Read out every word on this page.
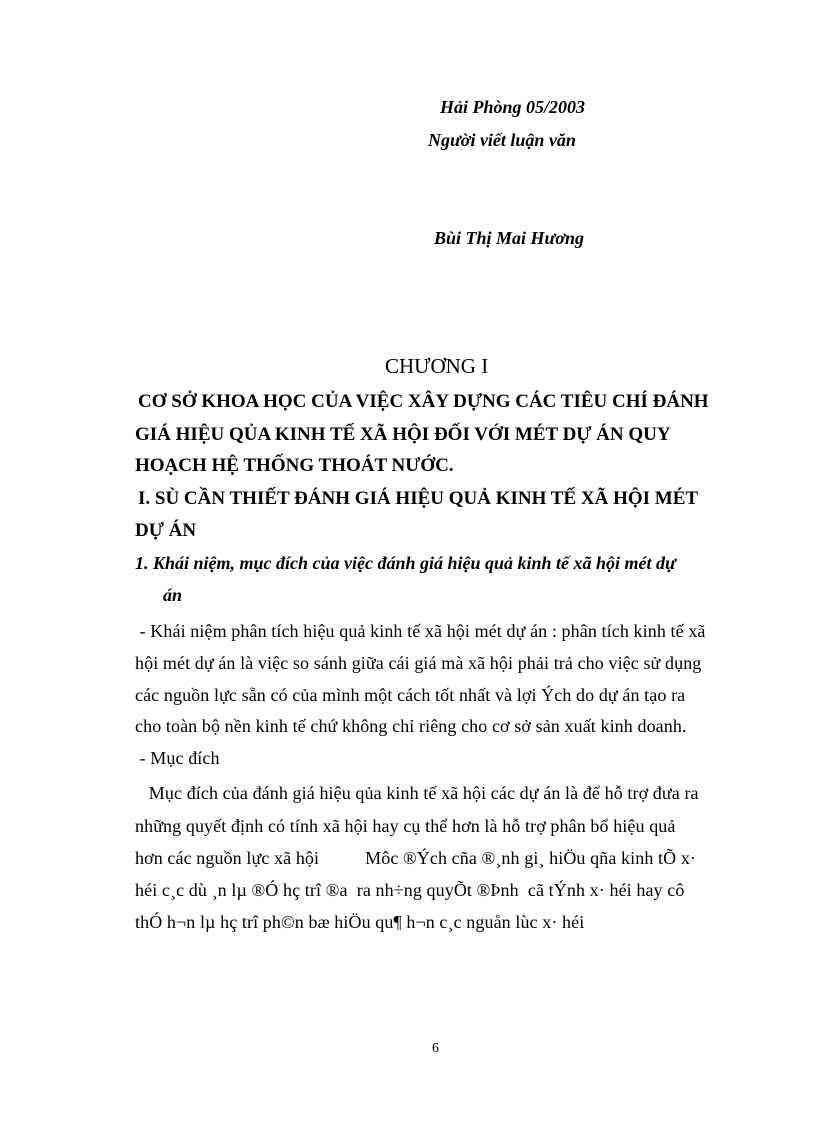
Hải Phòng 05/2003
Người viết luận văn
Bùi Thị Mai Hương
CHƯƠNG I
CƠ SỞ KHOA HỌC CỦA VIỆC XÂY DỰNG CÁC TIÊU CHÍ ĐÁNH
GIÁ HIỆU QỦA KINH TẾ XÃ HỘI ĐỐI VỚI MÉT DỰ ÁN QUY
HOẠCH HỆ THỐNG THOÁT NƯỚC.
I. SÙ CẦN THIẾT ĐÁNH GIÁ HIỆU QUẢ KINH TẾ XÃ HỘI MÉT
DỰ ÁN
1. Khái niệm, mục đích của việc đánh giá hiệu quả kinh tế xã hội mét dự
án
- Khái niệm phân tích hiệu quả kinh tế xã hội mét dự án : phân tích kinh tế xã
hội mét dự án là việc so sánh giữa cái giá mà xã hội phải trả cho việc sử dụng
các nguồn lực sẵn có của mình một cách tốt nhất và lợi Ých do dự án tạo ra
cho toàn bộ nền kinh tế chứ không chỉ riêng cho cơ sở sản xuất kinh doanh.
- Mục đích
Mục đích của đánh giá hiệu qủa kinh tế xã hội các dự án là để hỗ trợ đưa ra
những quyết định có tính xã hội hay cụ thể hơn là hỗ trợ phân bổ hiệu quả
hơn các nguồn lực xã hội          Môc ®Ých cña ®¸nh gi¸ hiÖu qña kinh tÕ x·
héi c¸c dù ¸n lµ ®Ó hç trî ®a  ra nh÷ng quyÕt ®Þnh  cã tÝnh x· héi hay cô
thÓ h¬n lµ hç trî ph©n bæ hiÖu qu¶ h¬n c¸c nguån lùc x· héi
6
